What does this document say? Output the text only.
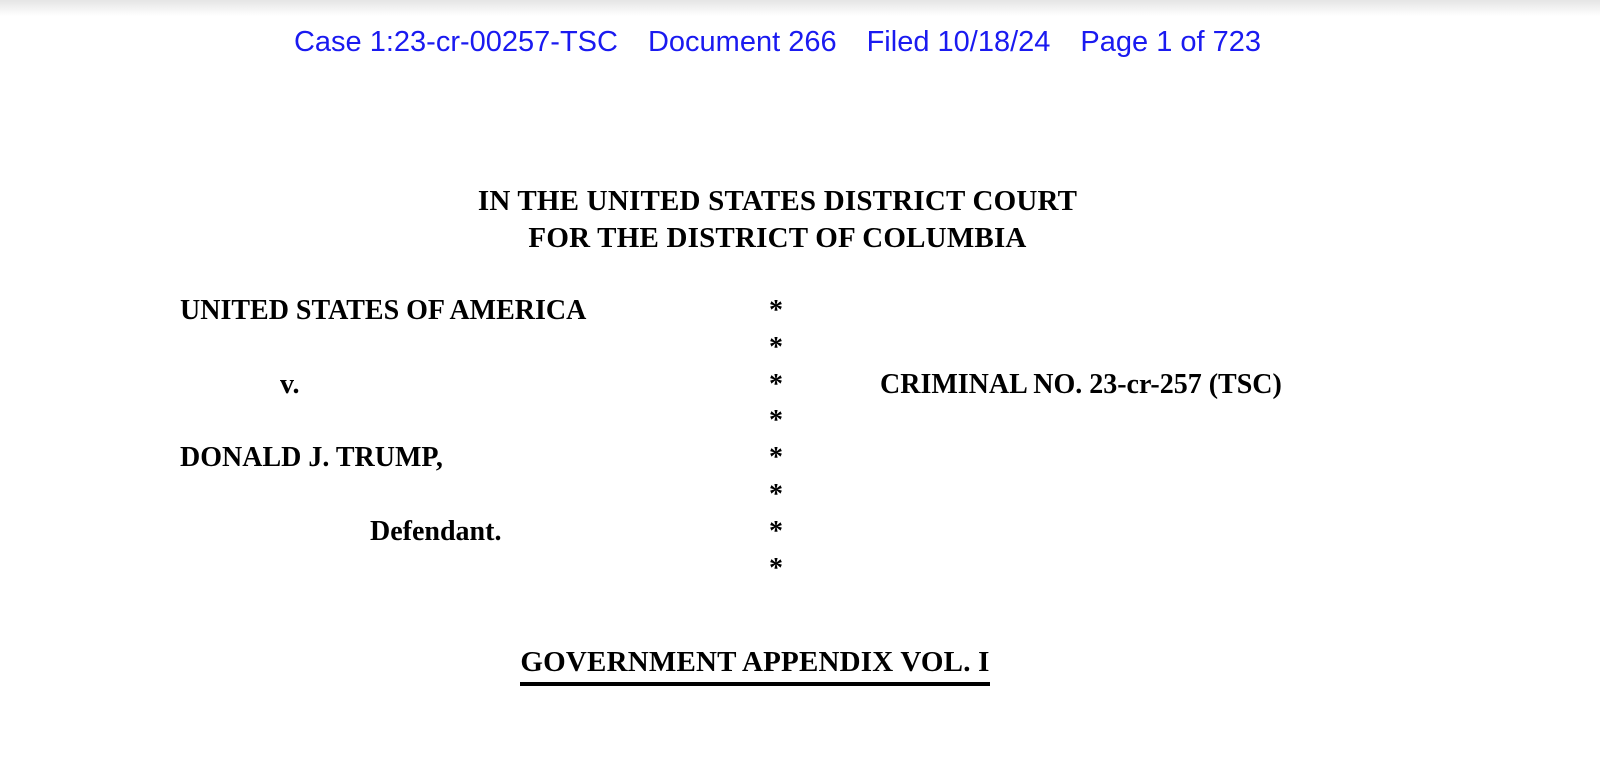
Case 1:23-cr-00257-TSC Document 266 Filed 10/18/24 Page 1 of 723
IN THE UNITED STATES DISTRICT COURT
FOR THE DISTRICT OF COLUMBIA
UNITED STATES OF AMERICA	*
*
v.	*	CRIMINAL NO. 23-cr-257 (TSC)
*
DONALD J. TRUMP,	*
*
Defendant.	*
*
GOVERNMENT APPENDIX VOL. I
